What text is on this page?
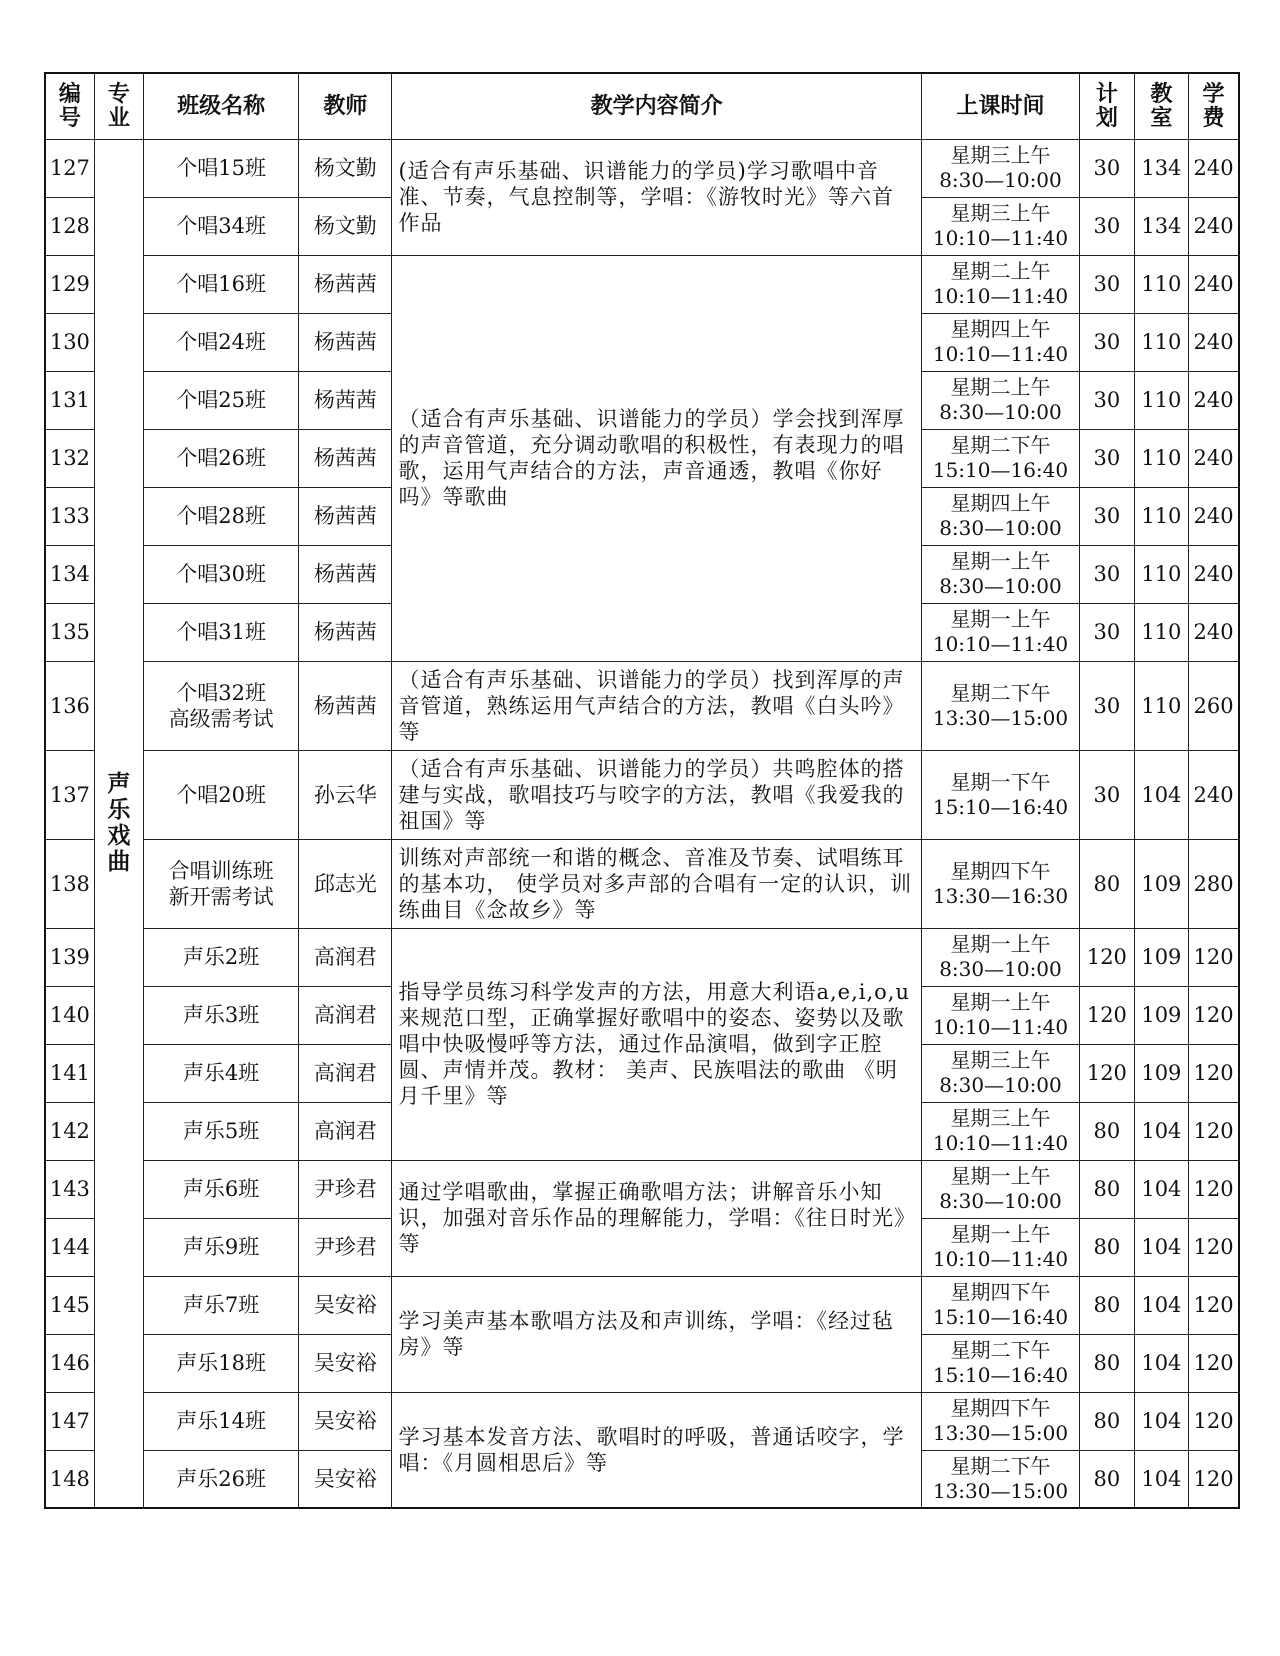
编号	专业	班级名称	教师	教学内容简介	上课时间	计划	教室	学费
127	声乐戏曲	个唱15班	杨文勤	(适合有声乐基础、识谱能力的学员)学习歌唱中音准、节奏，气息控制等，学唱：《游牧时光》等六首作品	星期三上午
8:30—10:00	30	134	240
128		个唱34班	杨文勤		星期三上午
10:10—11:40	30	134	240
129		个唱16班	杨茜茜	（适合有声乐基础、识谱能力的学员）学会找到浑厚的声音管道，充分调动歌唱的积极性，有表现力的唱歌，运用气声结合的方法，声音通透，教唱《你好吗》等歌曲	星期二上午
10:10—11:40	30	110	240
130		个唱24班	杨茜茜		星期四上午
10:10—11:40	30	110	240
131		个唱25班	杨茜茜		星期二上午
8:30—10:00	30	110	240
132		个唱26班	杨茜茜		星期二下午
15:10—16:40	30	110	240
133		个唱28班	杨茜茜		星期四上午
8:30—10:00	30	110	240
134		个唱30班	杨茜茜		星期一上午
8:30—10:00	30	110	240
135		个唱31班	杨茜茜		星期一上午
10:10—11:40	30	110	240
136		个唱32班
高级需考试	杨茜茜	（适合有声乐基础、识谱能力的学员）找到浑厚的声音管道，熟练运用气声结合的方法，教唱《白头吟》等	星期二下午
13:30—15:00	30	110	260
137		个唱20班	孙云华	（适合有声乐基础、识谱能力的学员）共鸣腔体的搭建与实战，歌唱技巧与咬字的方法，教唱《我爱我的祖国》等	星期一下午
15:10—16:40	30	104	240
138		合唱训练班
新开需考试	邱志光	训练对声部统一和谐的概念、音准及节奏、试唱练耳的基本功， 使学员对多声部的合唱有一定的认识，训练曲目《念故乡》等	星期四下午
13:30—16:30	80	109	280
139		声乐2班	高润君	指导学员练习科学发声的方法，用意大利语a,e,i,o,u来规范口型，正确掌握好歌唱中的姿态、姿势以及歌唱中快吸慢呼等方法，通过作品演唱，做到字正腔圆、声情并茂。教材： 美声、民族唱法的歌曲 《明月千里》等	星期一上午
8:30—10:00	120	109	120
140		声乐3班	高润君		星期一上午
10:10—11:40	120	109	120
141		声乐4班	高润君		星期三上午
8:30—10:00	120	109	120
142		声乐5班	高润君		星期三上午
10:10—11:40	80	104	120
143		声乐6班	尹珍君	通过学唱歌曲，掌握正确歌唱方法；讲解音乐小知识，加强对音乐作品的理解能力，学唱：《往日时光》等	星期一上午
8:30—10:00	80	104	120
144		声乐9班	尹珍君		星期一上午
10:10—11:40	80	104	120
145		声乐7班	吴安裕	学习美声基本歌唱方法及和声训练，学唱：《经过毡房》等	星期四下午
15:10—16:40	80	104	120
146		声乐18班	吴安裕		星期二下午
15:10—16:40	80	104	120
147		声乐14班	吴安裕	学习基本发音方法、歌唱时的呼吸，普通话咬字，学唱：《月圆相思后》等	星期四下午
13:30—15:00	80	104	120
148		声乐26班	吴安裕		星期二下午
13:30—15:00	80	104	120
